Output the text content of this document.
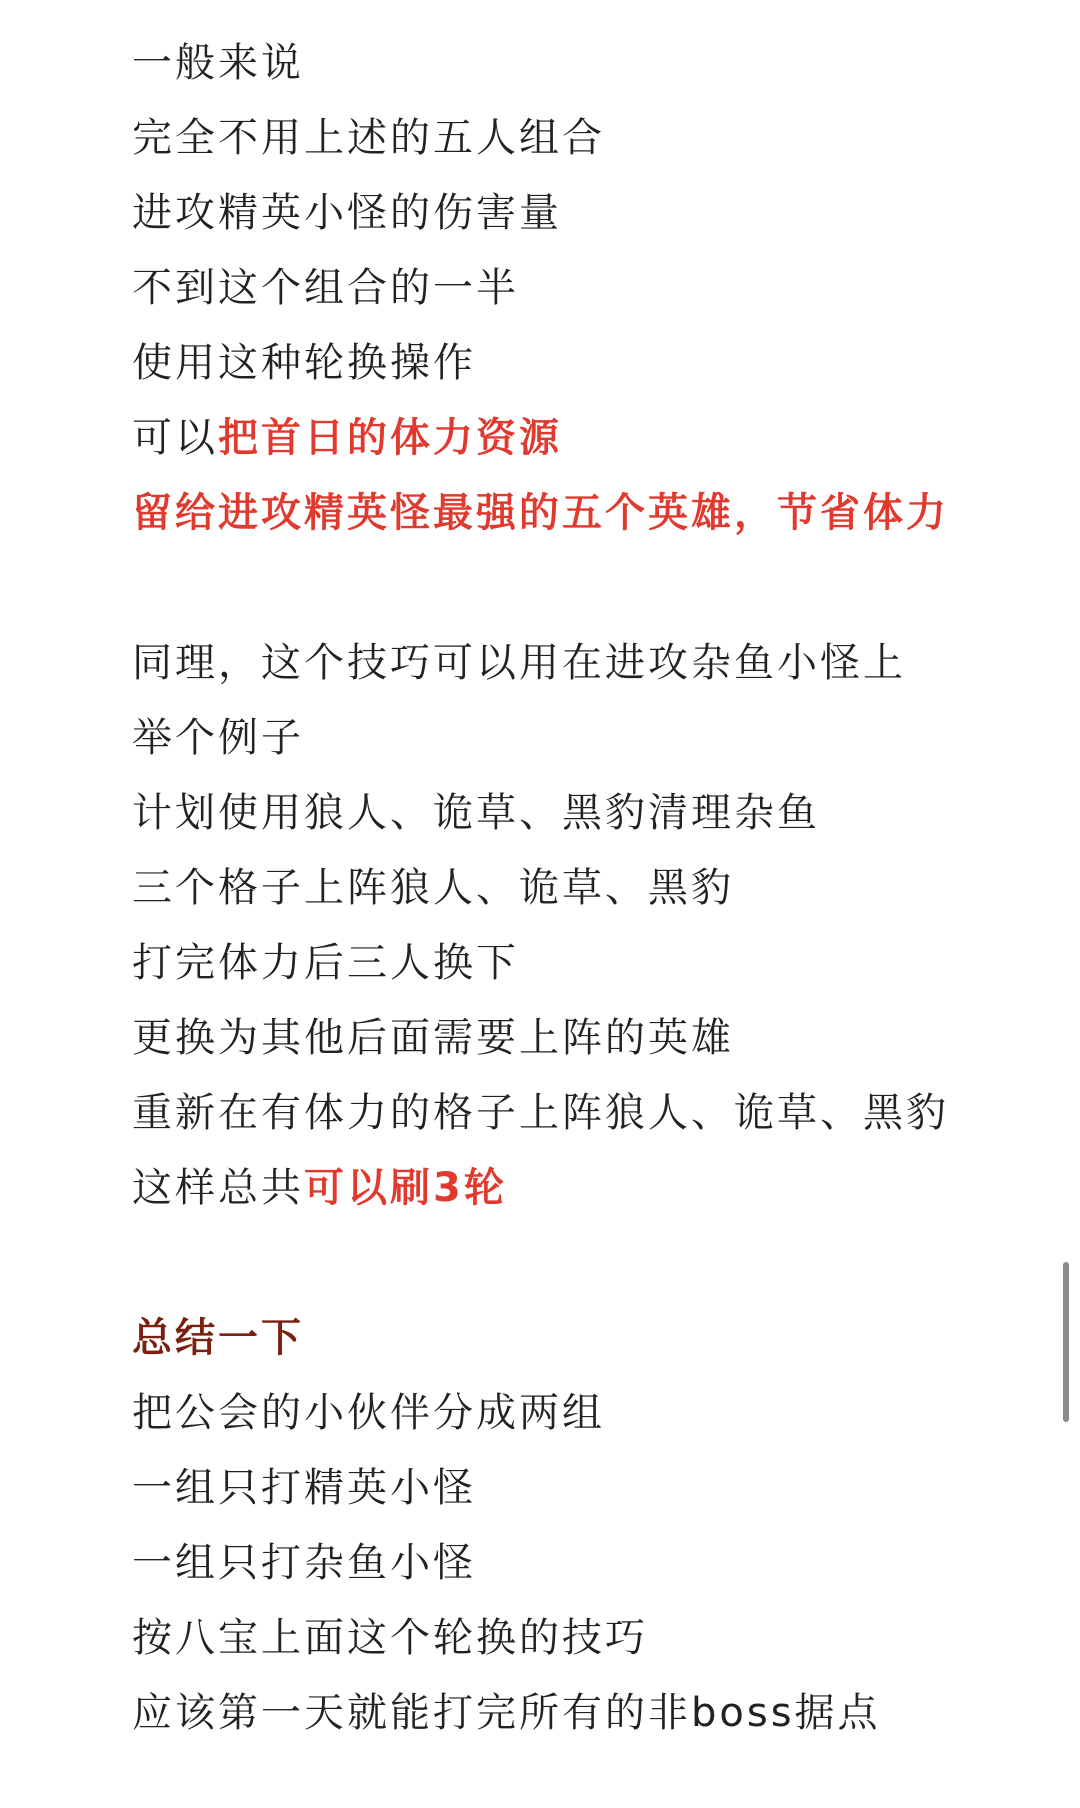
一般来说
完全不用上述的五人组合
进攻精英小怪的伤害量
不到这个组合的一半
使用这种轮换操作
可以把首日的体力资源
留给进攻精英怪最强的五个英雄，节省体力
同理，这个技巧可以用在进攻杂鱼小怪上
举个例子
计划使用狼人、诡草、黑豹清理杂鱼
三个格子上阵狼人、诡草、黑豹
打完体力后三人换下
更换为其他后面需要上阵的英雄
重新在有体力的格子上阵狼人、诡草、黑豹
这样总共可以刷3轮
总结一下
把公会的小伙伴分成两组
一组只打精英小怪
一组只打杂鱼小怪
按八宝上面这个轮换的技巧
应该第一天就能打完所有的非boss据点
